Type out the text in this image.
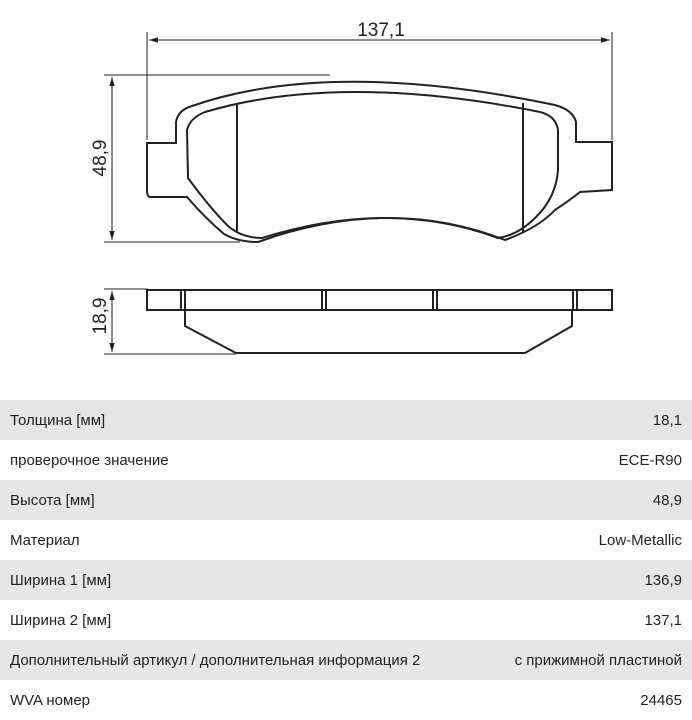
137,1
48,9
18,9
Толщина [мм]	18,1
проверочное значение	ECE-R90
Высота [мм]	48,9
Материал	Low-Metallic
Ширина 1 [мм]	136,9
Ширина 2 [мм]	137,1
Дополнительный артикул / дополнительная информация 2	с прижимной пластиной
WVA номер	24465
